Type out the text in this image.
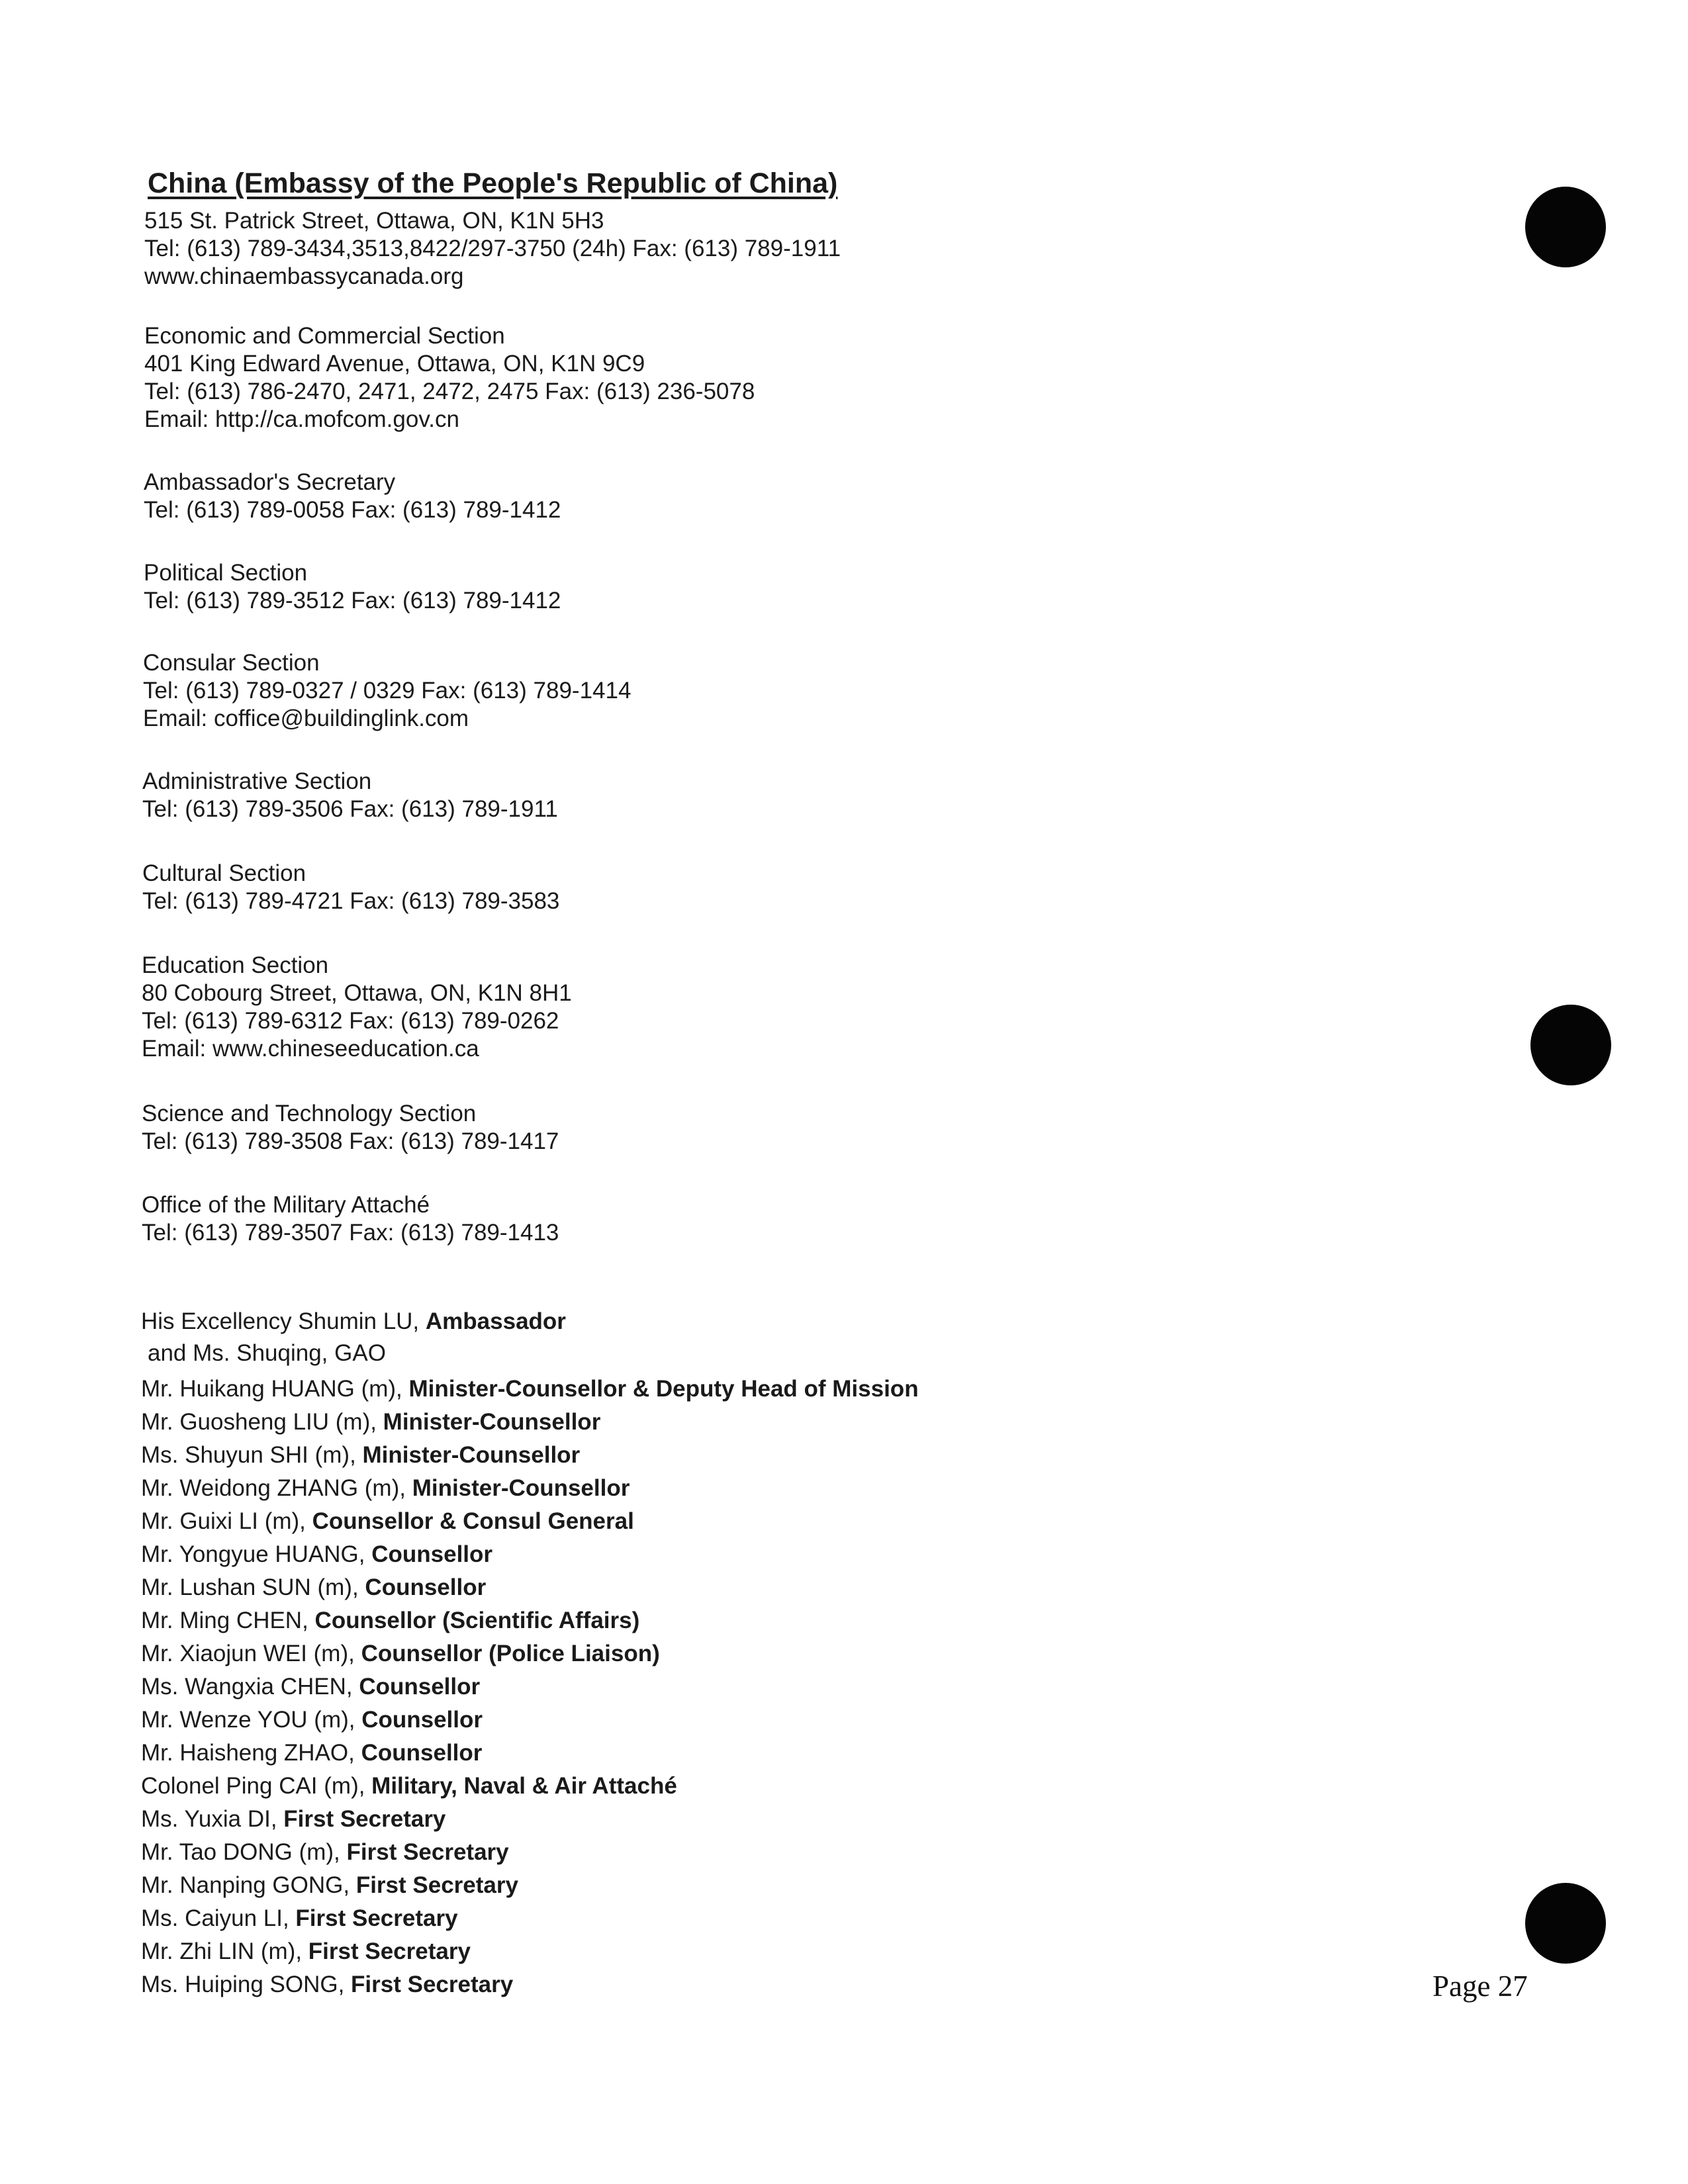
China (Embassy of the People's Republic of China)
515 St. Patrick Street, Ottawa, ON, K1N 5H3
Tel: (613) 789-3434,3513,8422/297-3750 (24h) Fax: (613) 789-1911
www.chinaembassycanada.org
Economic and Commercial Section
401 King Edward Avenue, Ottawa, ON, K1N 9C9
Tel: (613) 786-2470, 2471, 2472, 2475 Fax: (613) 236-5078
Email: http://ca.mofcom.gov.cn
Ambassador's Secretary
Tel: (613) 789-0058 Fax: (613) 789-1412
Political Section
Tel: (613) 789-3512 Fax: (613) 789-1412
Consular Section
Tel: (613) 789-0327 / 0329 Fax: (613) 789-1414
Email: coffice@buildinglink.com
Administrative Section
Tel: (613) 789-3506 Fax: (613) 789-1911
Cultural Section
Tel: (613) 789-4721 Fax: (613) 789-3583
Education Section
80 Cobourg Street, Ottawa, ON, K1N 8H1
Tel: (613) 789-6312 Fax: (613) 789-0262
Email: www.chineseeducation.ca
Science and Technology Section
Tel: (613) 789-3508 Fax: (613) 789-1417
Office of the Military Attaché
Tel: (613) 789-3507 Fax: (613) 789-1413
His Excellency Shumin LU, Ambassador
and Ms. Shuqing, GAO
Mr. Huikang HUANG (m), Minister-Counsellor & Deputy Head of Mission
Mr. Guosheng LIU (m), Minister-Counsellor
Ms. Shuyun SHI (m), Minister-Counsellor
Mr. Weidong ZHANG (m), Minister-Counsellor
Mr. Guixi LI (m), Counsellor & Consul General
Mr. Yongyue HUANG, Counsellor
Mr. Lushan SUN (m), Counsellor
Mr. Ming CHEN, Counsellor (Scientific Affairs)
Mr. Xiaojun WEI (m), Counsellor (Police Liaison)
Ms. Wangxia CHEN, Counsellor
Mr. Wenze YOU (m), Counsellor
Mr. Haisheng ZHAO, Counsellor
Colonel Ping CAI (m), Military, Naval & Air Attaché
Ms. Yuxia DI, First Secretary
Mr. Tao DONG (m), First Secretary
Mr. Nanping GONG, First Secretary
Ms. Caiyun LI, First Secretary
Mr. Zhi LIN (m), First Secretary
Ms. Huiping SONG, First Secretary	Page 27
